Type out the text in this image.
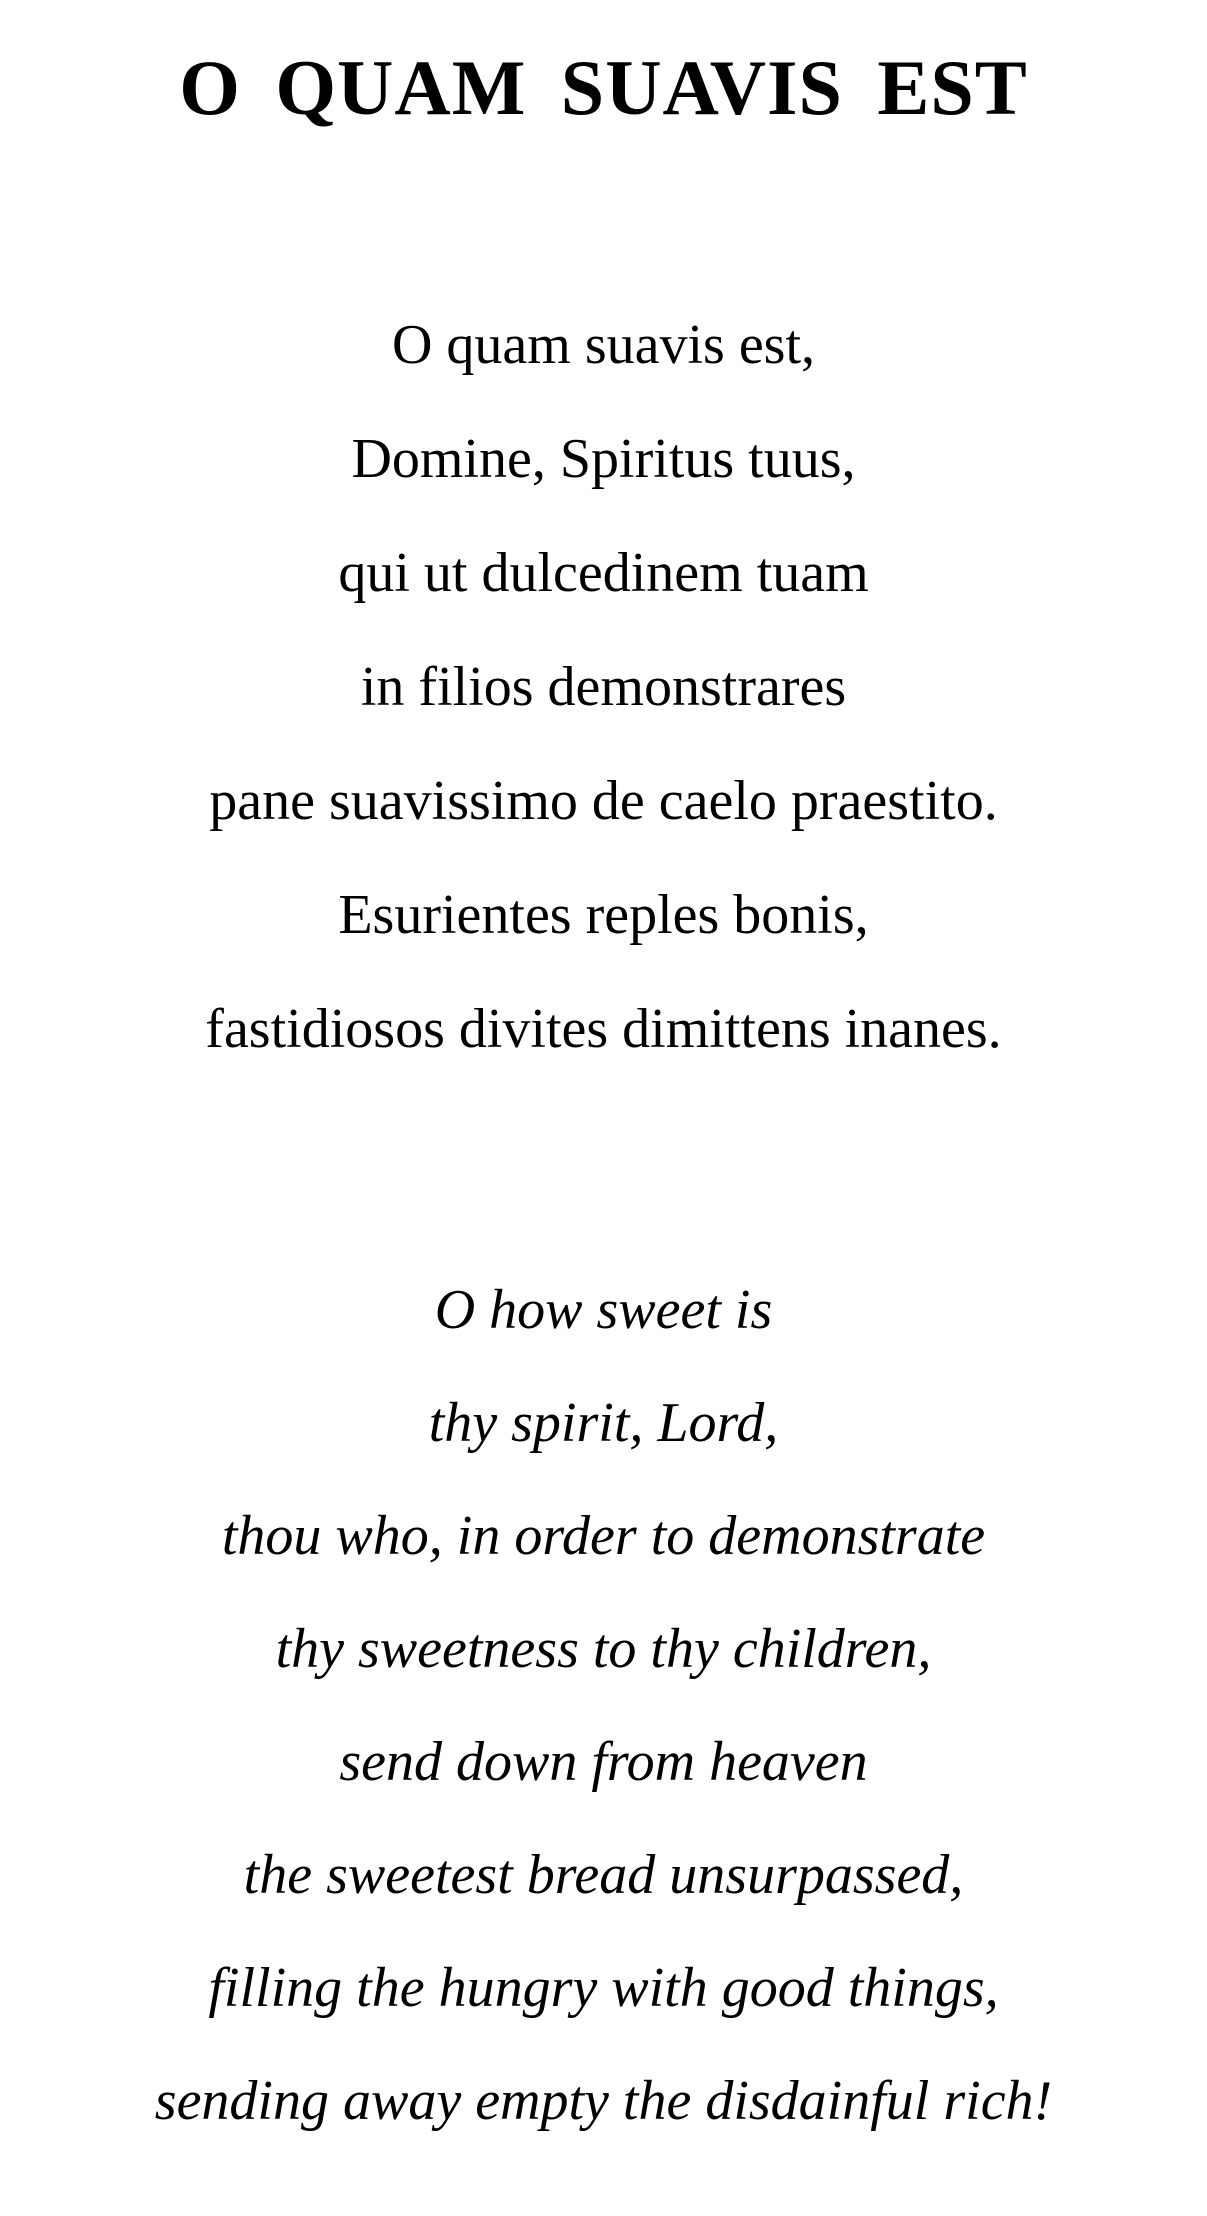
O QUAM SUAVIS EST
O quam suavis est,
Domine, Spiritus tuus,
qui ut dulcedinem tuam
in filios demonstrares
pane suavissimo de caelo praestito.
Esurientes reples bonis,
fastidiosos divites dimittens inanes.
O how sweet is
thy spirit, Lord,
thou who, in order to demonstrate
thy sweetness to thy children,
send down from heaven
the sweetest bread unsurpassed,
filling the hungry with good things,
sending away empty the disdainful rich!
